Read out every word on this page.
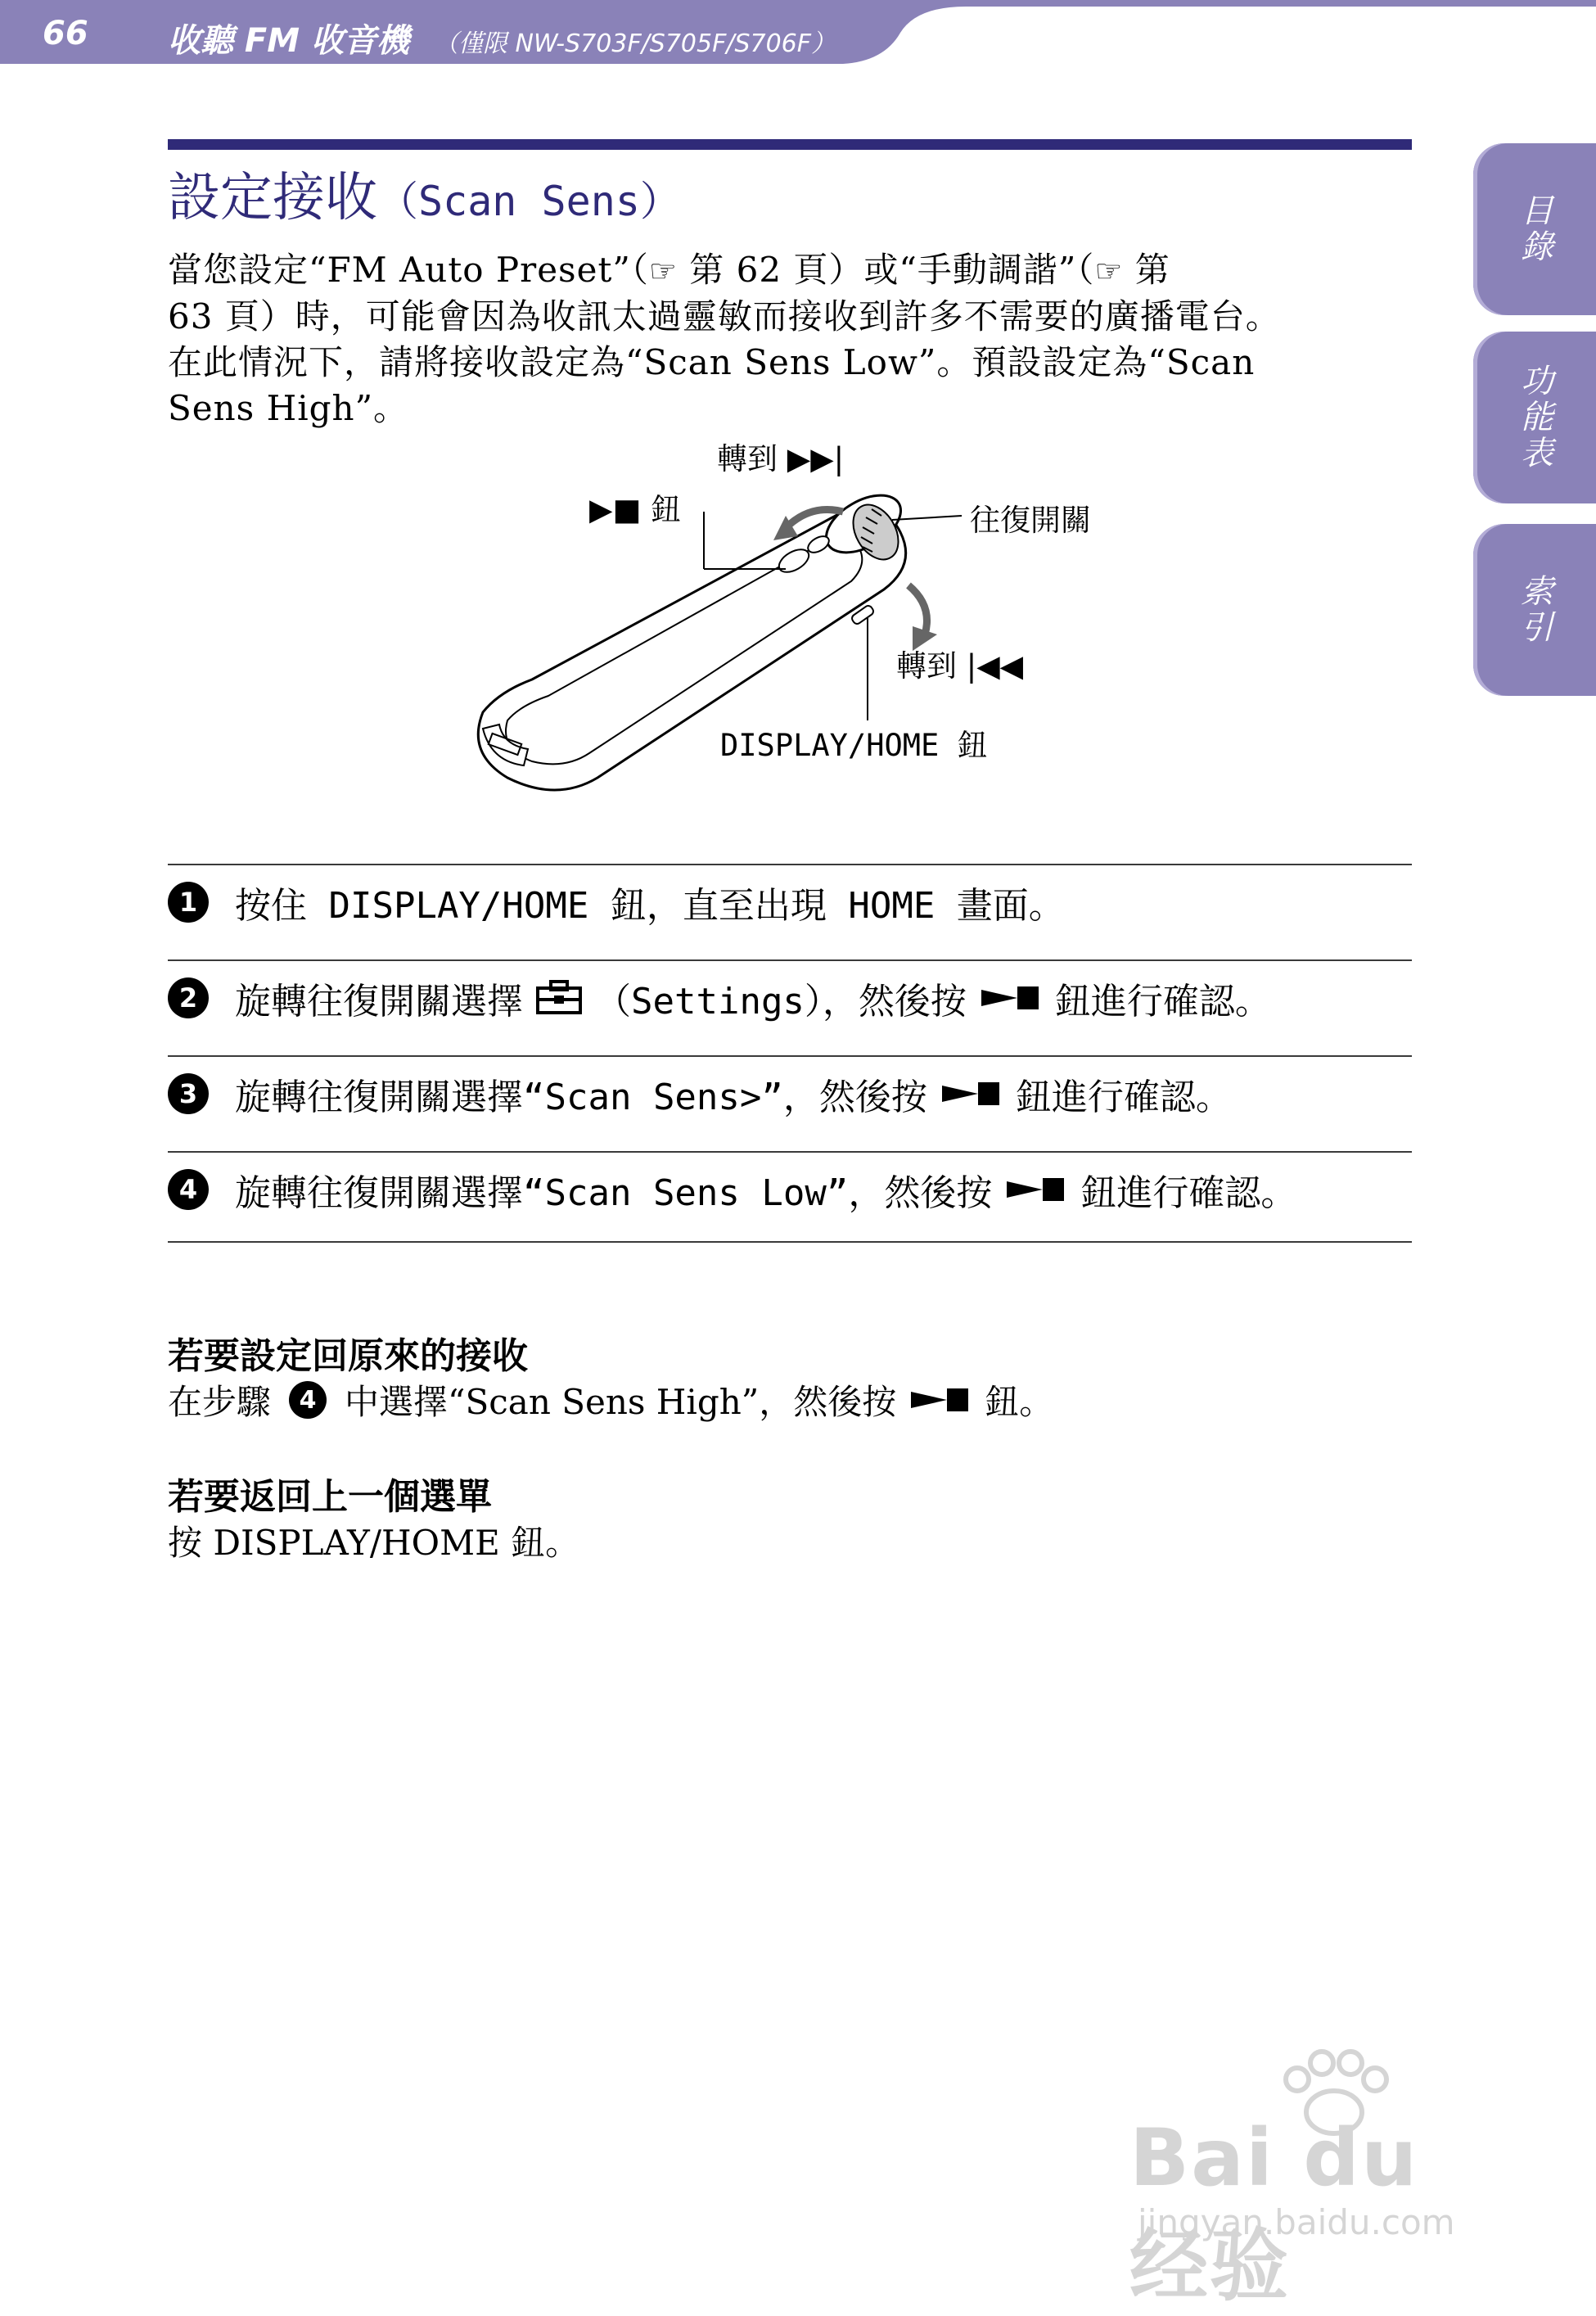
66 收聽 FM 收音機 （僅限 NW-S703F/S705F/S706F）
目錄
功能表
索引
設定接收（Scan Sens）
當您設定“FM Auto Preset”（☞ 第 62 頁）或“手動調諧”（☞ 第
63 頁）時，可能會因為收訊太過靈敏而接收到許多不需要的廣播電台。
在此情況下，請將接收設定為“Scan Sens Low”。預設設定為“Scan
Sens High”。
轉到 ▶▶|
▶■ 鈕	往復開關
轉到 |◀◀
DISPLAY/HOME 鈕
1	按住 DISPLAY/HOME 鈕，直至出現 HOME 畫面。
2	旋轉往復開關選擇 （Settings），然後按 鈕進行確認。
3	旋轉往復開關選擇“Scan Sens>”，然後按 鈕進行確認。
4	旋轉往復開關選擇“Scan Sens Low”，然後按 鈕進行確認。
若要設定回原來的接收
在步驟	4 中選擇“Scan Sens High”，然後按	鈕。
若要返回上一個選單
按 DISPLAY/HOME 鈕。
Bai du 经验
jingyan.baidu.com
